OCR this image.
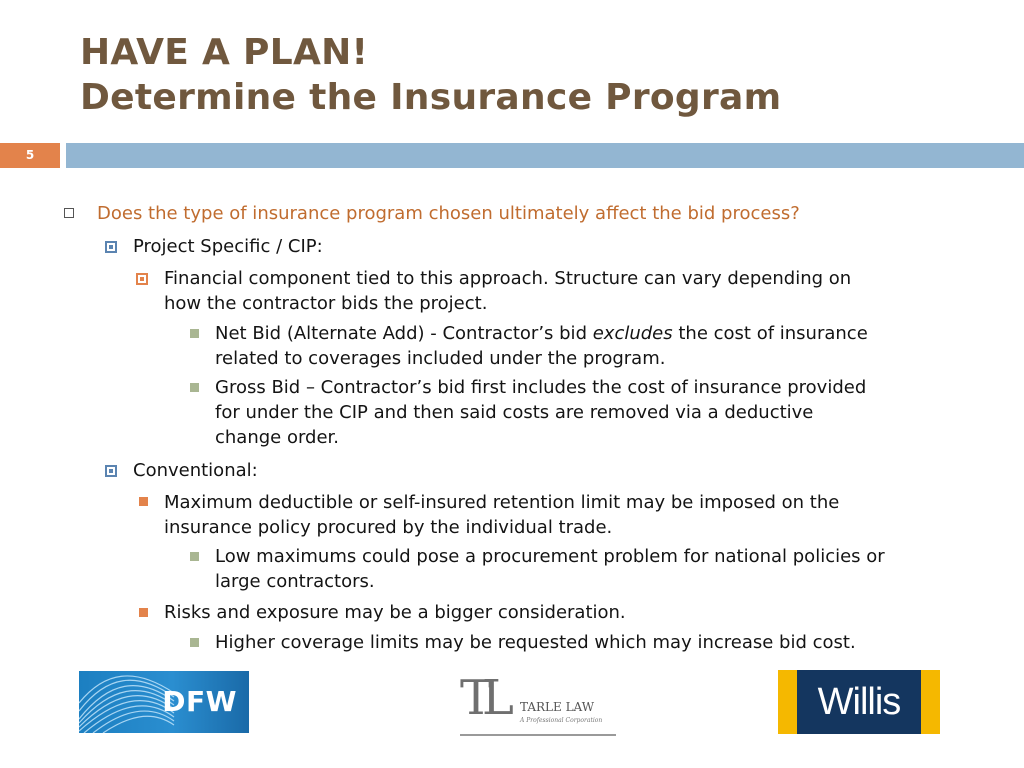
HAVE A PLAN!
Determine the Insurance Program
5
Does the type of insurance program chosen ultimately affect the bid process?
Project Specific / CIP:
Financial component tied to this approach. Structure can vary depending on
how the contractor bids the project.
Net Bid (Alternate Add) - Contractor’s bid excludes the cost of insurance
related to coverages included under the program.
Gross Bid – Contractor’s bid first includes the cost of insurance provided
for under the CIP and then said costs are removed via a deductive
change order.
Conventional:
Maximum deductible or self-insured retention limit may be imposed on the
insurance policy procured by the individual trade.
Low maximums could pose a procurement problem for national policies or
large contractors.
Risks and exposure may be a bigger consideration.
Higher coverage limits may be requested which may increase bid cost.
DFW	TL TARLE LAW
A Professional Corporation	Willis
